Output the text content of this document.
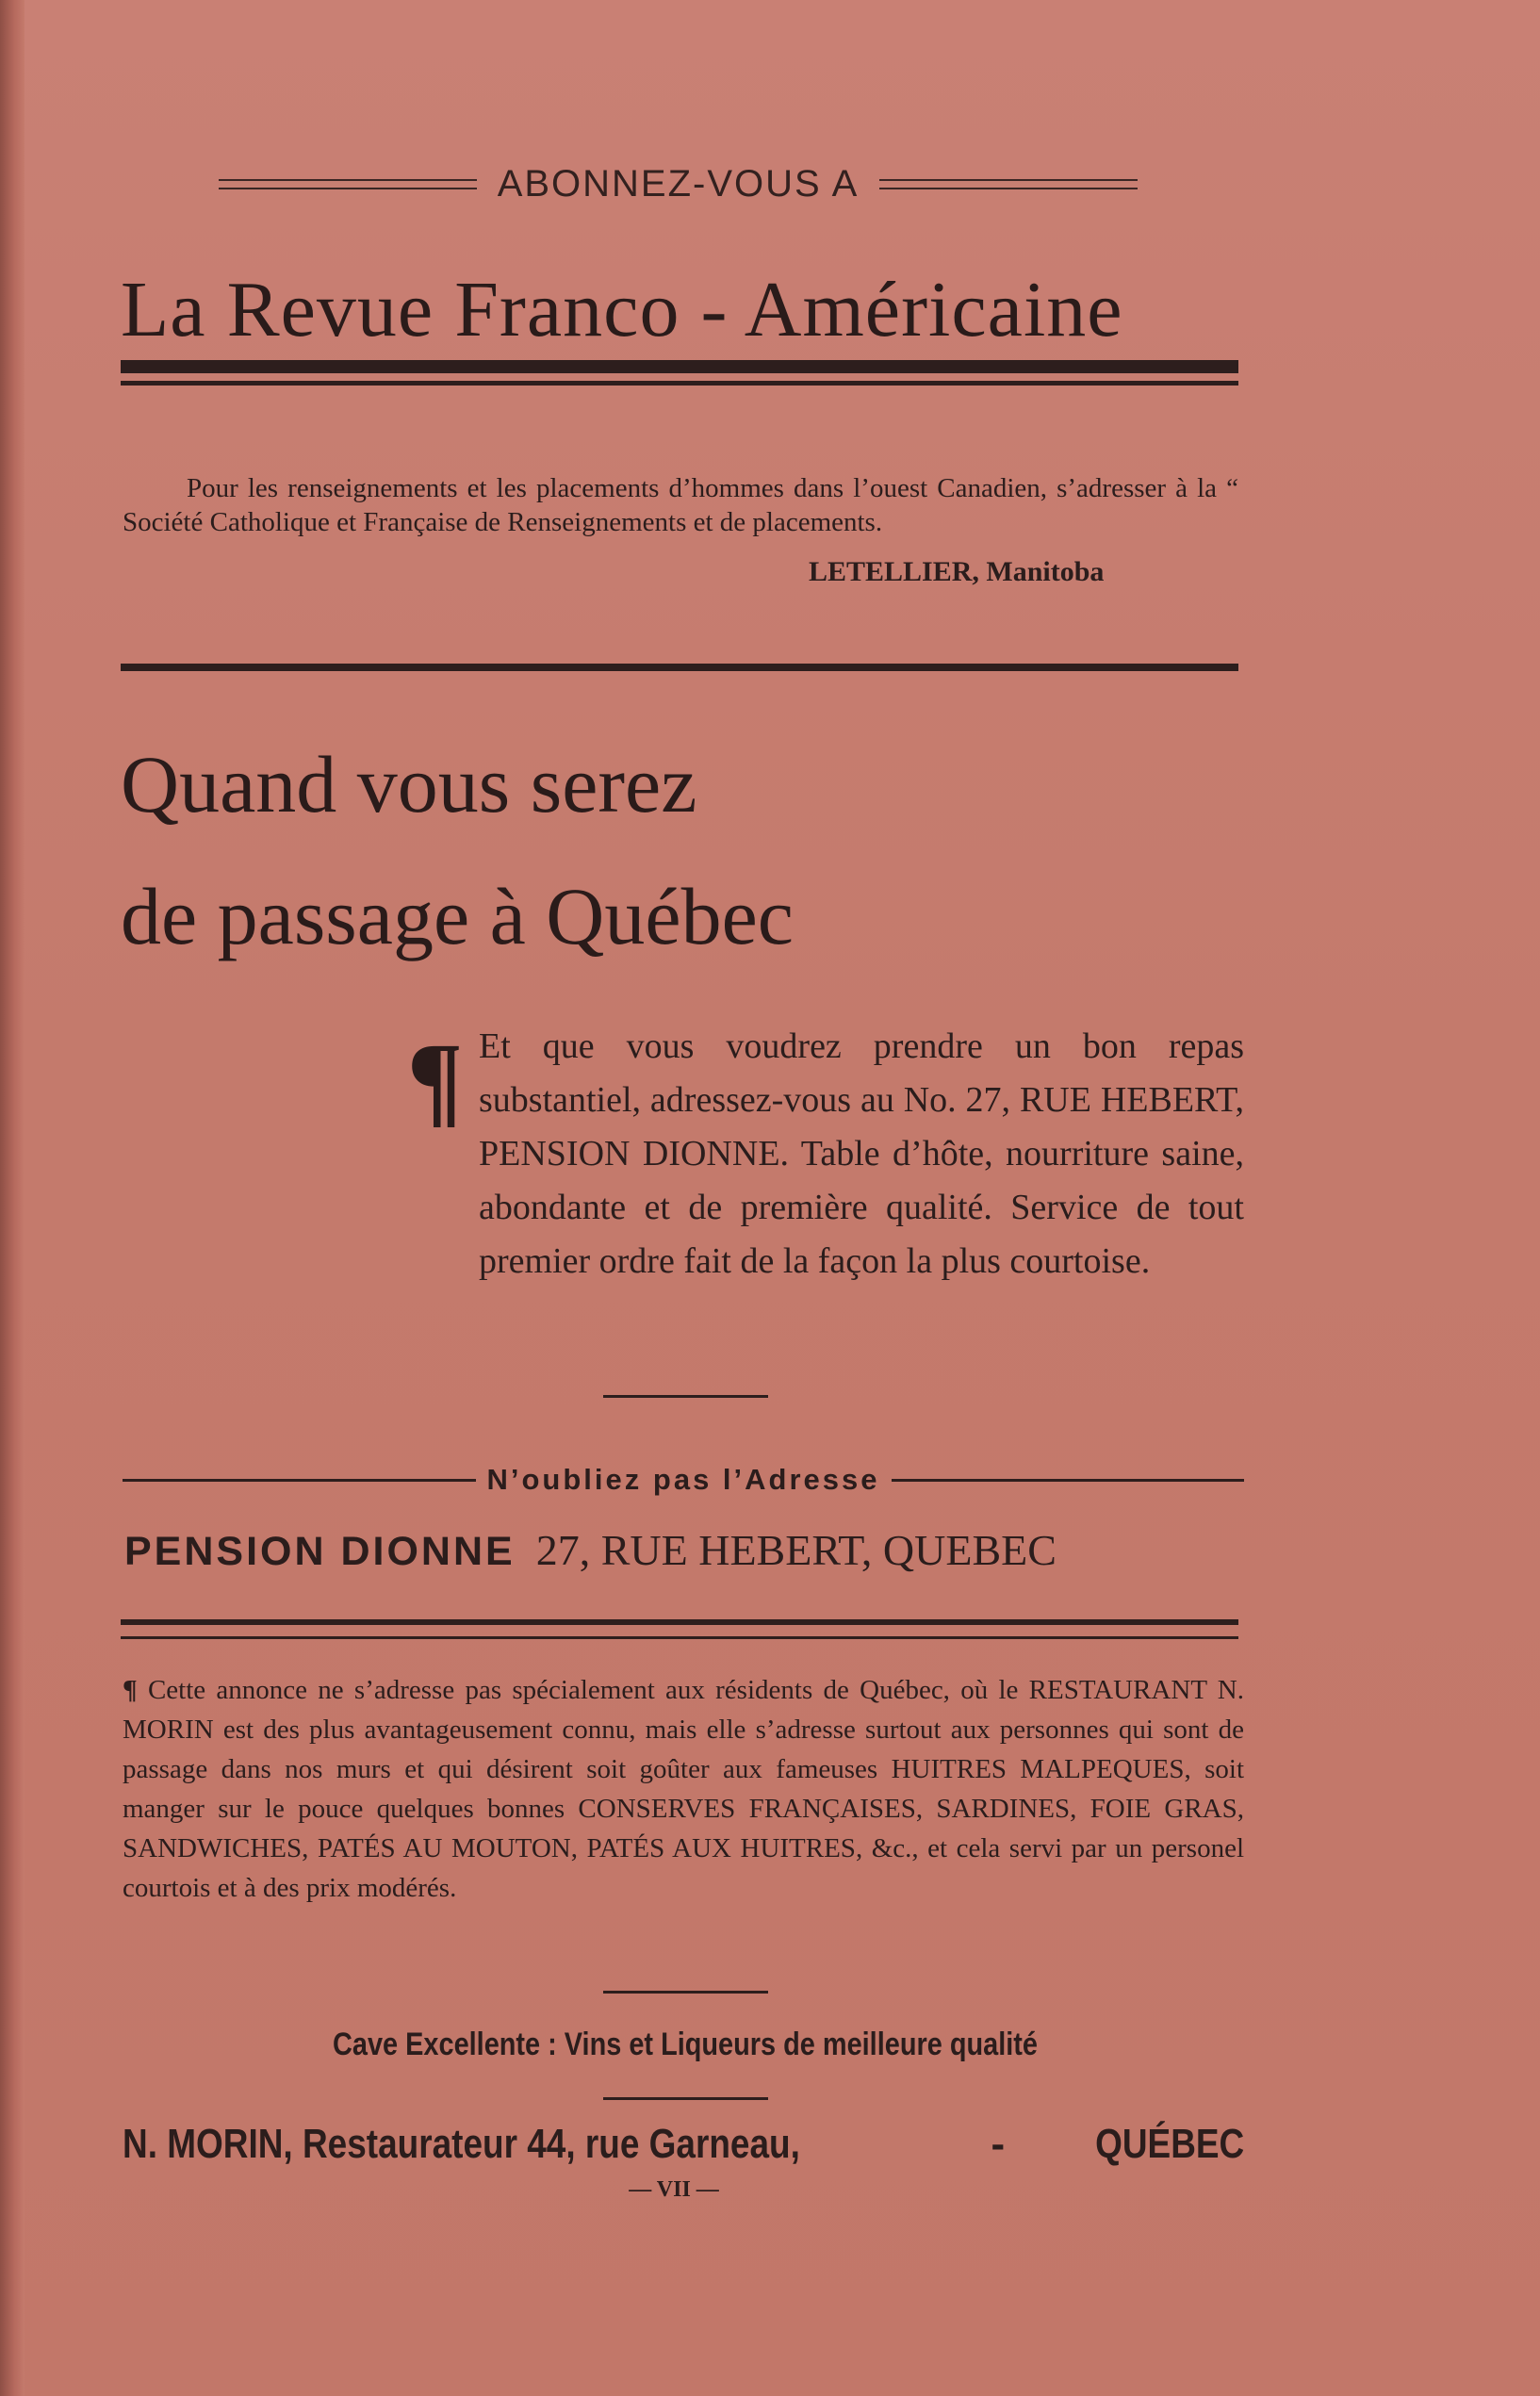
ABONNEZ-VOUS A
La Revue Franco - Américaine

Pour les renseignements et les placements d’hommes dans l’ouest Canadien, s’adresser à la “ Société Catholique et Française de Renseignements et de placements.

LETELLIER, Manitoba
Quand vous serez
de passage à Québec
¶ Et que vous voudrez prendre un bon repas substantiel, adressez-vous au No. 27, RUE HEBERT, PENSION DIONNE. Table d’hôte, nourriture saine, abondante et de première qualité. Service de tout premier ordre fait de la façon la plus courtoise.

N’oubliez pas l’Adresse
PENSION DIONNE 27, RUE HEBERT, QUEBEC

¶ Cette annonce ne s’adresse pas spécialement aux résidents de Québec, où le RESTAURANT N. MORIN est des plus avantageusement connu, mais elle s’adresse surtout aux personnes qui sont de passage dans nos murs et qui désirent soit goûter aux fameuses HUITRES MALPEQUES, soit manger sur le pouce quelques bonnes CONSERVES FRANÇAISES, SARDINES, FOIE GRAS, SANDWICHES, PATÉS AU MOUTON, PATÉS AUX HUITRES, &c., et cela servi par un personel courtois et à des prix modérés.

Cave Excellente : Vins et Liqueurs de meilleure qualité
N. MORIN, Restaurateur 44, rue Garneau,	- QUÉBEC
— VII —
